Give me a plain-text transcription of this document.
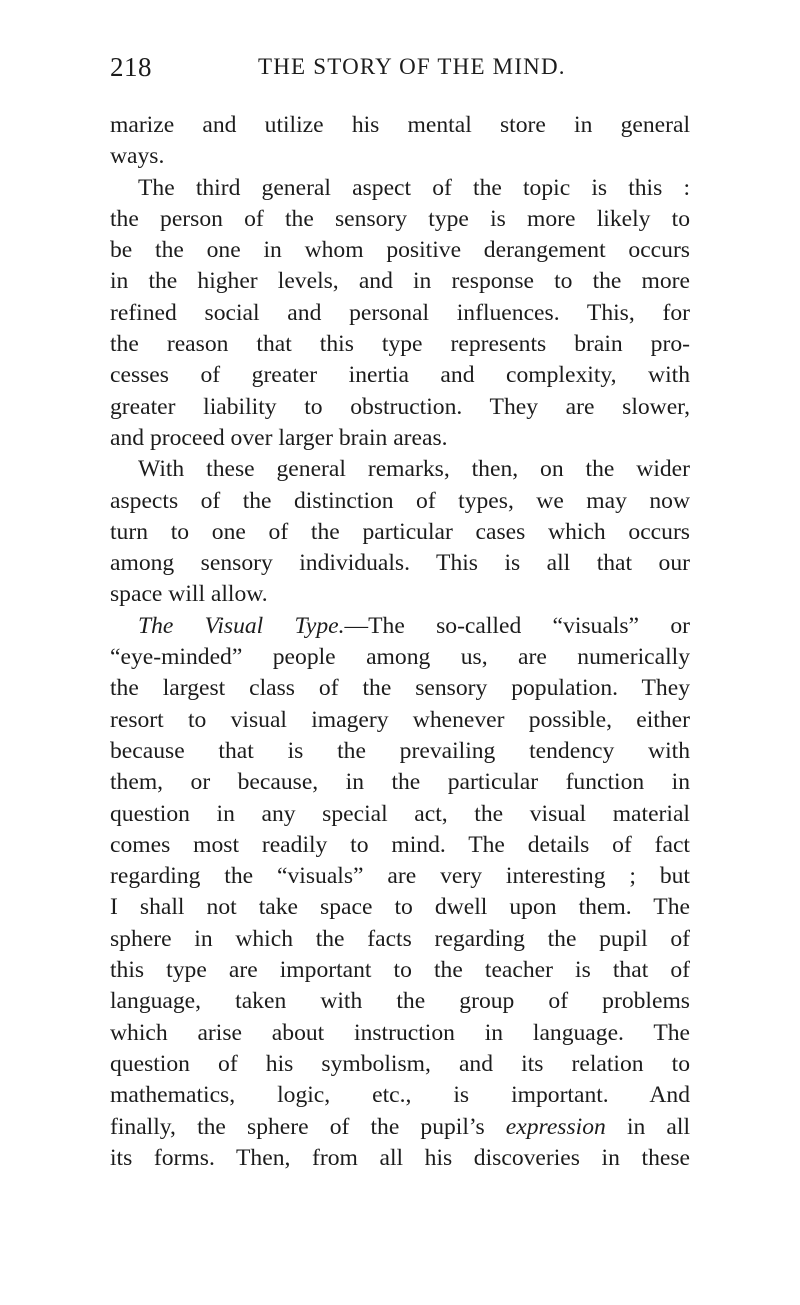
218	THE STORY OF THE MIND.
marize and utilize his mental store in general
ways.
The third general aspect of the topic is this :
the person of the sensory type is more likely to
be the one in whom positive derangement occurs
in the higher levels, and in response to the more
refined social and personal influences. This, for
the reason that this type represents brain pro-
cesses of greater inertia and complexity, with
greater liability to obstruction. They are slower,
and proceed over larger brain areas.
With these general remarks, then, on the wider
aspects of the distinction of types, we may now
turn to one of the particular cases which occurs
among sensory individuals. This is all that our
space will allow.
The Visual Type.—The so-called “visuals” or
“eye-minded” people among us, are numerically
the largest class of the sensory population. They
resort to visual imagery whenever possible, either
because that is the prevailing tendency with
them, or because, in the particular function in
question in any special act, the visual material
comes most readily to mind. The details of fact
regarding the “visuals” are very interesting ; but
I shall not take space to dwell upon them. The
sphere in which the facts regarding the pupil of
this type are important to the teacher is that of
language, taken with the group of problems
which arise about instruction in language. The
question of his symbolism, and its relation to
mathematics, logic, etc., is important. And
finally, the sphere of the pupil’s expression in all
its forms. Then, from all his discoveries in these
